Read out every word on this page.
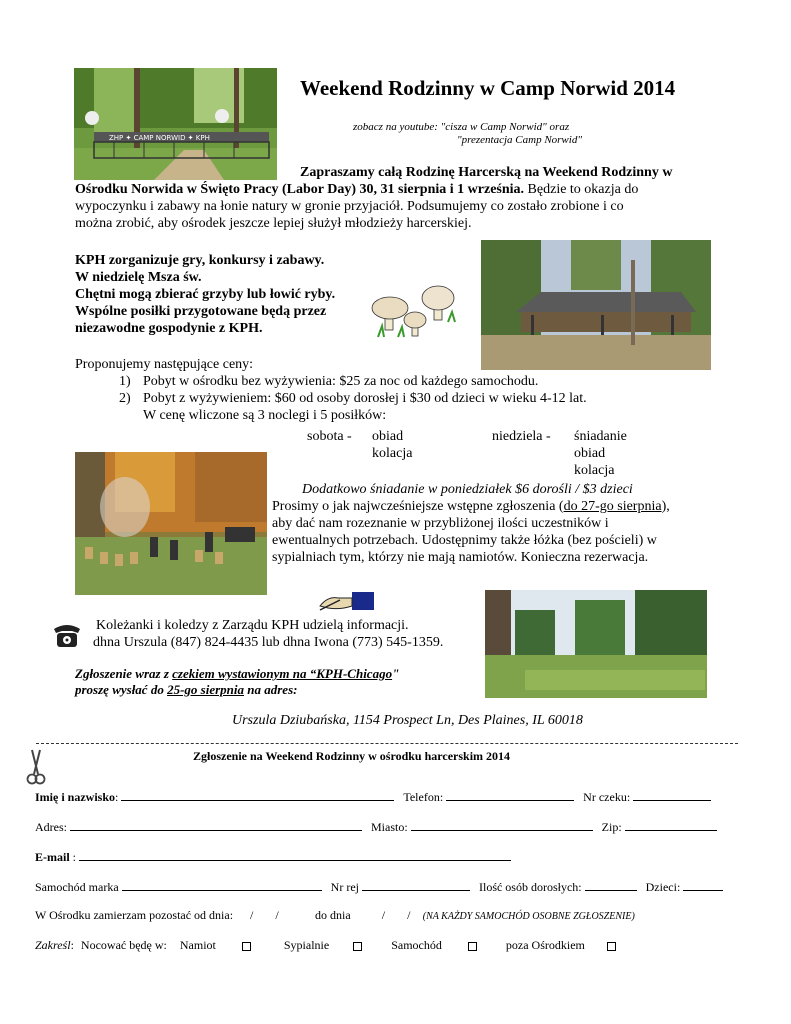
ZHP ✦ CAMP NORWID ✦ KPH
Weekend Rodzinny w Camp Norwid 2014
zobacz na youtube: "cisza w Camp Norwid" oraz
"prezentacja Camp Norwid"
Zapraszamy całą Rodzinę Harcerską na Weekend Rodzinny w
Ośrodku Norwida w Święto Pracy (Labor Day) 30, 31 sierpnia i 1 września. Będzie to okazja do
wypoczynku i zabawy na łonie natury w gronie przyjaciół. Podsumujemy co zostało zrobione i co
można zrobić, aby ośrodek jeszcze lepiej służył młodzieży harcerskiej.
KPH zorganizuje gry, konkursy i zabawy.
W niedzielę Msza św.
Chętni mogą zbierać grzyby lub łowić ryby.
Wspólne posiłki przygotowane będą przez
niezawodne gospodynie z KPH.
Proponujemy następujące ceny:
1) Pobyt w ośrodku bez wyżywienia: $25 za noc od każdego samochodu.
2) Pobyt z wyżywieniem: $60 od osoby dorosłej i $30 od dzieci w wieku 4-12 lat.
W cenę wliczone są 3 noclegi i 5 posiłków:
sobota - obiad
kolacja
niedziela - śniadanie
obiad
kolacja
Dodatkowo śniadanie w poniedziałek $6 dorośli / $3 dzieci
Prosimy o jak najwcześniejsze wstępne zgłoszenia (do 27-go sierpnia),
aby dać nam rozeznanie w przybliżonej ilości uczestników i
ewentualnych potrzebach. Udostępnimy także łóżka (bez pościeli) w
sypialniach tym, którzy nie mają namiotów. Konieczna rezerwacja.
Koleżanki i koledzy z Zarządu KPH udzielą informacji.
dhna Urszula (847) 824-4435 lub dhna Iwona (773) 545-1359.
Zgłoszenie wraz z czekiem wystawionym na “KPH-Chicago"
proszę wysłać do 25-go sierpnia na adres:
Urszula Dziubańska, 1154 Prospect Ln, Des Plaines, IL 60018
Zgłoszenie na Weekend Rodzinny w ośrodku harcerskim 2014
Imię i nazwisko:	Telefon:	Nr czeku:
Adres:	Miasto:	Zip:
E-mail :
Samochód marka	Nr rej	Ilość osób dorosłych:	Dzieci:
W Ośrodku zamierzam pozostać od dnia: / /	do dnia	/ / (NA KAŻDY SAMOCHÓD OSOBNE ZGŁOSZENIE)
Zakreśl: Nocować będę w: Namiot	Sypialnie	Samochód	poza Ośrodkiem
